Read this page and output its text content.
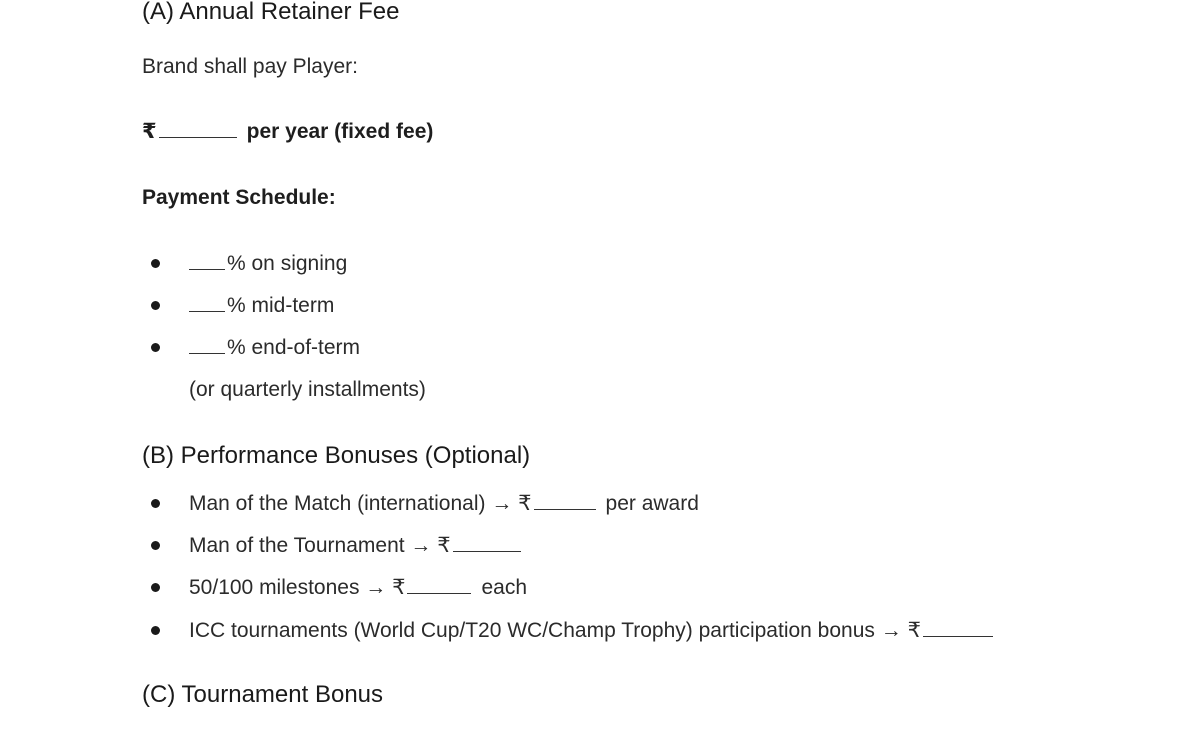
(A) Annual Retainer Fee
Brand shall pay Player:
₹	per year (fixed fee)
Payment Schedule:
% on signing
% mid-term
% end-of-term
(or quarterly installments)
(B) Performance Bonuses (Optional)
Man of the Match (international) → ₹	per award
Man of the Tournament → ₹
50/100 milestones → ₹	each
ICC tournaments (World Cup/T20 WC/Champ Trophy) participation bonus → ₹
(C) Tournament Bonus
